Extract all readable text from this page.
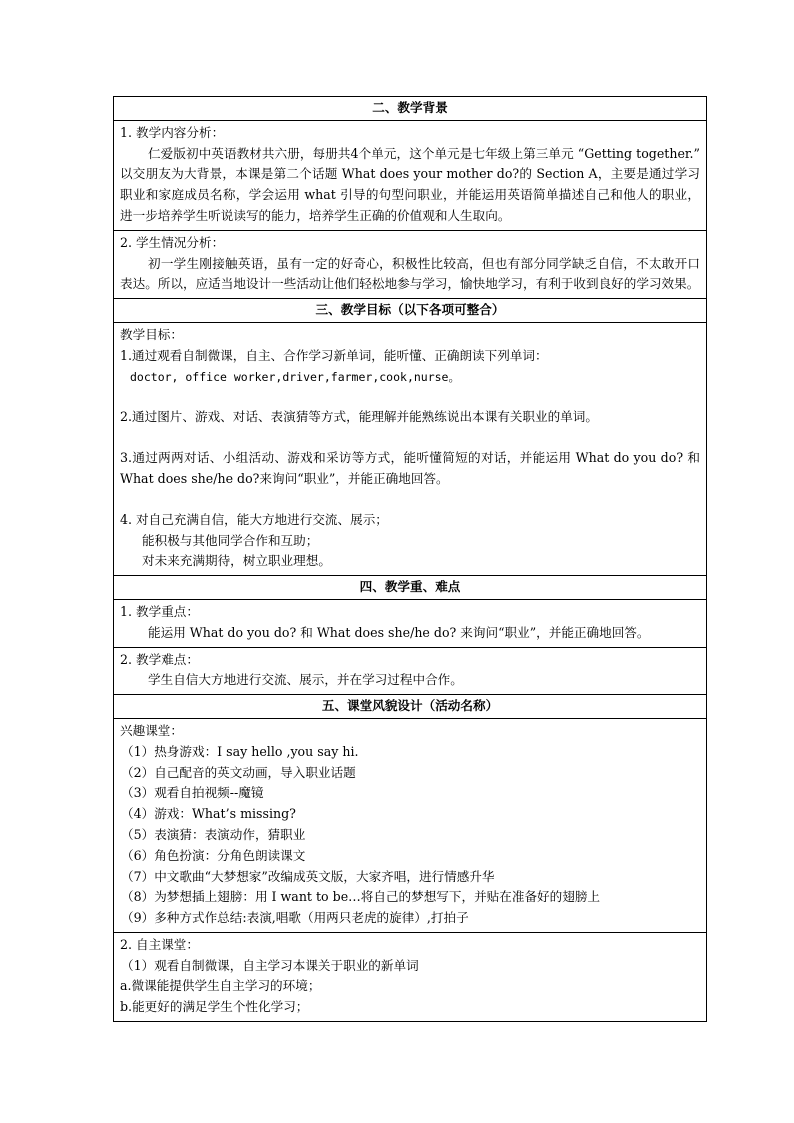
二、教学背景

1. 教学内容分析：
仁爱版初中英语教材共六册，每册共4个单元，这个单元是七年级上第三单元 “Getting together.” 以交朋友为大背景，本课是第二个话题 What does your mother do?的 Section A，主要是通过学习职业和家庭成员名称，学会运用 what 引导的句型问职业，并能运用英语简单描述自己和他人的职业，进一步培养学生听说读写的能力，培养学生正确的价值观和人生取向。

2. 学生情况分析：
初一学生刚接触英语，虽有一定的好奇心，积极性比较高，但也有部分同学缺乏自信，不太敢开口表达。所以，应适当地设计一些活动让他们轻松地参与学习，愉快地学习，有利于收到良好的学习效果。

三、教学目标（以下各项可整合）

教学目标：
1.通过观看自制微课，自主、合作学习新单词，能听懂、正确朗读下列单词：
doctor, office worker,driver,farmer,cook,nurse。
2.通过图片、游戏、对话、表演猜等方式，能理解并能熟练说出本课有关职业的单词。
3.通过两两对话、小组活动、游戏和采访等方式，能听懂简短的对话，并能运用 What do you do? 和 What does she/he do?来询问“职业”，并能正确地回答。
4. 对自己充满自信，能大方地进行交流、展示；
能积极与其他同学合作和互助；
对未来充满期待，树立职业理想。

四、教学重、难点

1. 教学重点：
能运用 What do you do? 和 What does she/he do? 来询问“职业”，并能正确地回答。

2. 教学难点：
学生自信大方地进行交流、展示，并在学习过程中合作。

五、课堂风貌设计（活动名称）

兴趣课堂：
（1）热身游戏：I say hello ,you say hi.
（2）自己配音的英文动画，导入职业话题
（3）观看自拍视频--魔镜
（4）游戏：What’s missing?
（5）表演猜：表演动作，猜职业
（6）角色扮演：分角色朗读课文
（7）中文歌曲“大梦想家”改编成英文版，大家齐唱，进行情感升华
（8）为梦想插上翅膀：用 I want to be…将自己的梦想写下，并贴在准备好的翅膀上
（9）多种方式作总结:表演,唱歌（用两只老虎的旋律）,打拍子

2. 自主课堂：
（1）观看自制微课，自主学习本课关于职业的新单词
a.微课能提供学生自主学习的环境；
b.能更好的满足学生个性化学习；
